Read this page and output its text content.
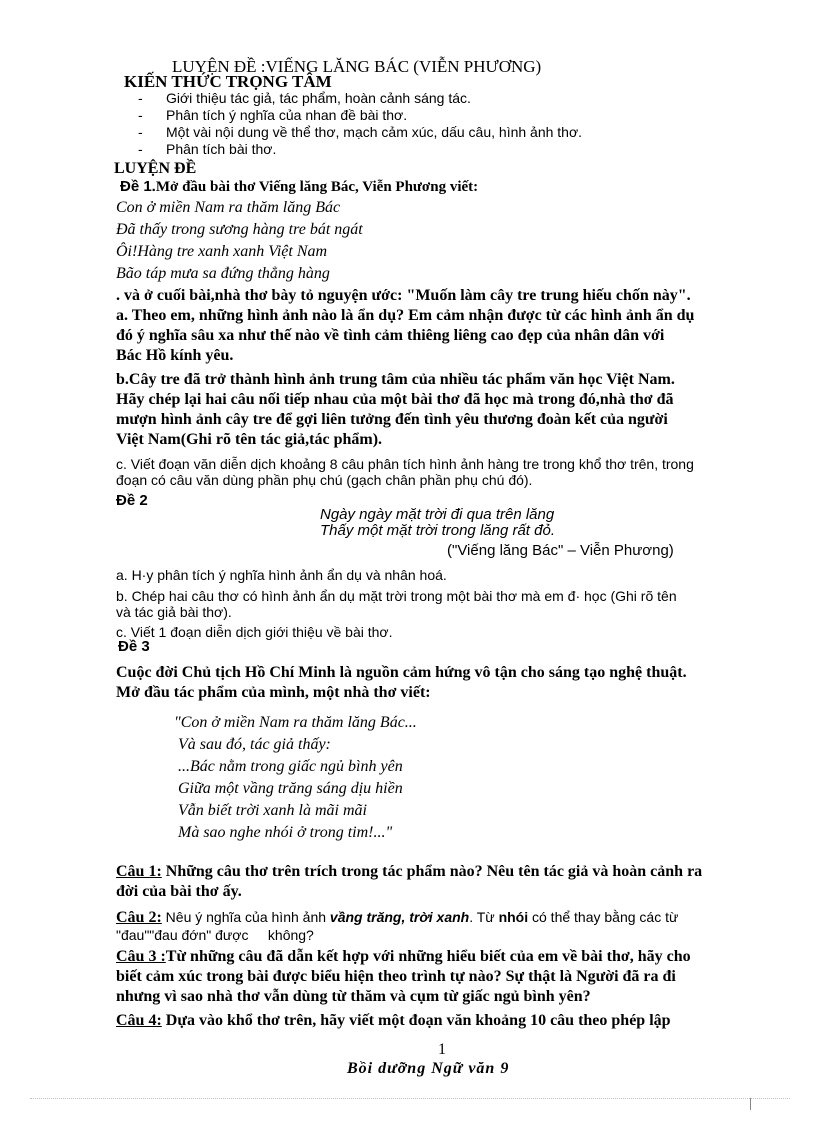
LUYỆN ĐỀ :VIẾNG LĂNG BÁC (VIỄN PHƯƠNG)
KIẾN THỨC TRỌNG TÂM
-	Giới thiệu tác giả, tác phẩm, hoàn cảnh sáng tác.
-	Phân tích ý nghĩa của nhan đề bài thơ.
-	Một vài nội dung về thể thơ, mạch cảm xúc, dấu câu, hình ảnh thơ.
-	Phân tích bài thơ.
LUYỆN ĐỀ
Đề 1.Mở đầu bài thơ Viếng lăng Bác, Viễn Phương viết:
Con ở miền Nam ra thăm lăng Bác
Đã thấy trong sương hàng tre bát ngát
Ôi!Hàng tre xanh xanh Việt Nam
Bão táp mưa sa đứng thẳng hàng
. và ở cuối bài,nhà thơ bày tỏ nguyện ước: "Muốn làm cây tre trung hiếu chốn này".
a. Theo em, những hình ảnh nào là ẩn dụ? Em cảm nhận được từ các hình ảnh ẩn dụ
đó ý nghĩa sâu xa như thế nào về tình cảm thiêng liêng cao đẹp của nhân dân với
Bác Hồ kính yêu.
b.Cây tre đã trở thành hình ảnh trung tâm của nhiều tác phẩm văn học Việt Nam.
Hãy chép lại hai câu nối tiếp nhau của một bài thơ đã học mà trong đó,nhà thơ đã
mượn hình ảnh cây tre để gợi liên tưởng đến tình yêu thương đoàn kết của người
Việt Nam(Ghi rõ tên tác giả,tác phẩm).
c. Viết đoạn văn diễn dịch khoảng 8 câu phân tích hình ảnh hàng tre trong khổ thơ trên, trong
đoạn có câu văn dùng phần phụ chú (gạch chân phần phụ chú đó).
Đề 2
Ngày ngày mặt trời đi qua trên lăng
Thấy một mặt trời trong lăng rất đỏ.
("Viếng lăng Bác" – Viễn Phương)
a. H·y phân tích ý nghĩa hình ảnh ẩn dụ và nhân hoá.
b. Chép hai câu thơ có hình ảnh ẩn dụ mặt trời trong một bài thơ mà em đ· học (Ghi rõ tên
và tác giả bài thơ).
c. Viết 1 đoạn diễn dịch giới thiệu về bài thơ.
Đề 3
Cuộc đời Chủ tịch Hồ Chí Minh là nguồn cảm hứng vô tận cho sáng tạo nghệ thuật.
Mở đầu tác phẩm của mình, một nhà thơ viết:
"Con ở miền Nam ra thăm lăng Bác...
Và sau đó, tác giả thấy:
...Bác nằm trong giấc ngủ bình yên
Giữa một vầng trăng sáng dịu hiền
Vẫn biết trời xanh là mãi mãi
Mà sao nghe nhói ở trong tim!..."
Câu 1: Những câu thơ trên trích trong tác phẩm nào? Nêu tên tác giả và hoàn cảnh ra
đời của bài thơ ấy.
Câu 2: Nêu ý nghĩa của hình ảnh vầng trăng, trời xanh. Từ nhói có thể thay bằng các từ
"đau""đau đớn" được     không?
Câu 3 :Từ những câu đã dẫn kết hợp với những hiểu biết của em về bài thơ, hãy cho
biết cảm xúc trong bài được biểu hiện theo trình tự nào? Sự thật là Người đã ra đi
nhưng vì sao nhà thơ vẫn dùng từ thăm và cụm từ giấc ngủ bình yên?
Câu 4: Dựa vào khổ thơ trên, hãy viết một đoạn văn khoảng 10 câu theo phép lập
1
Bồi dưỡng Ngữ văn 9
